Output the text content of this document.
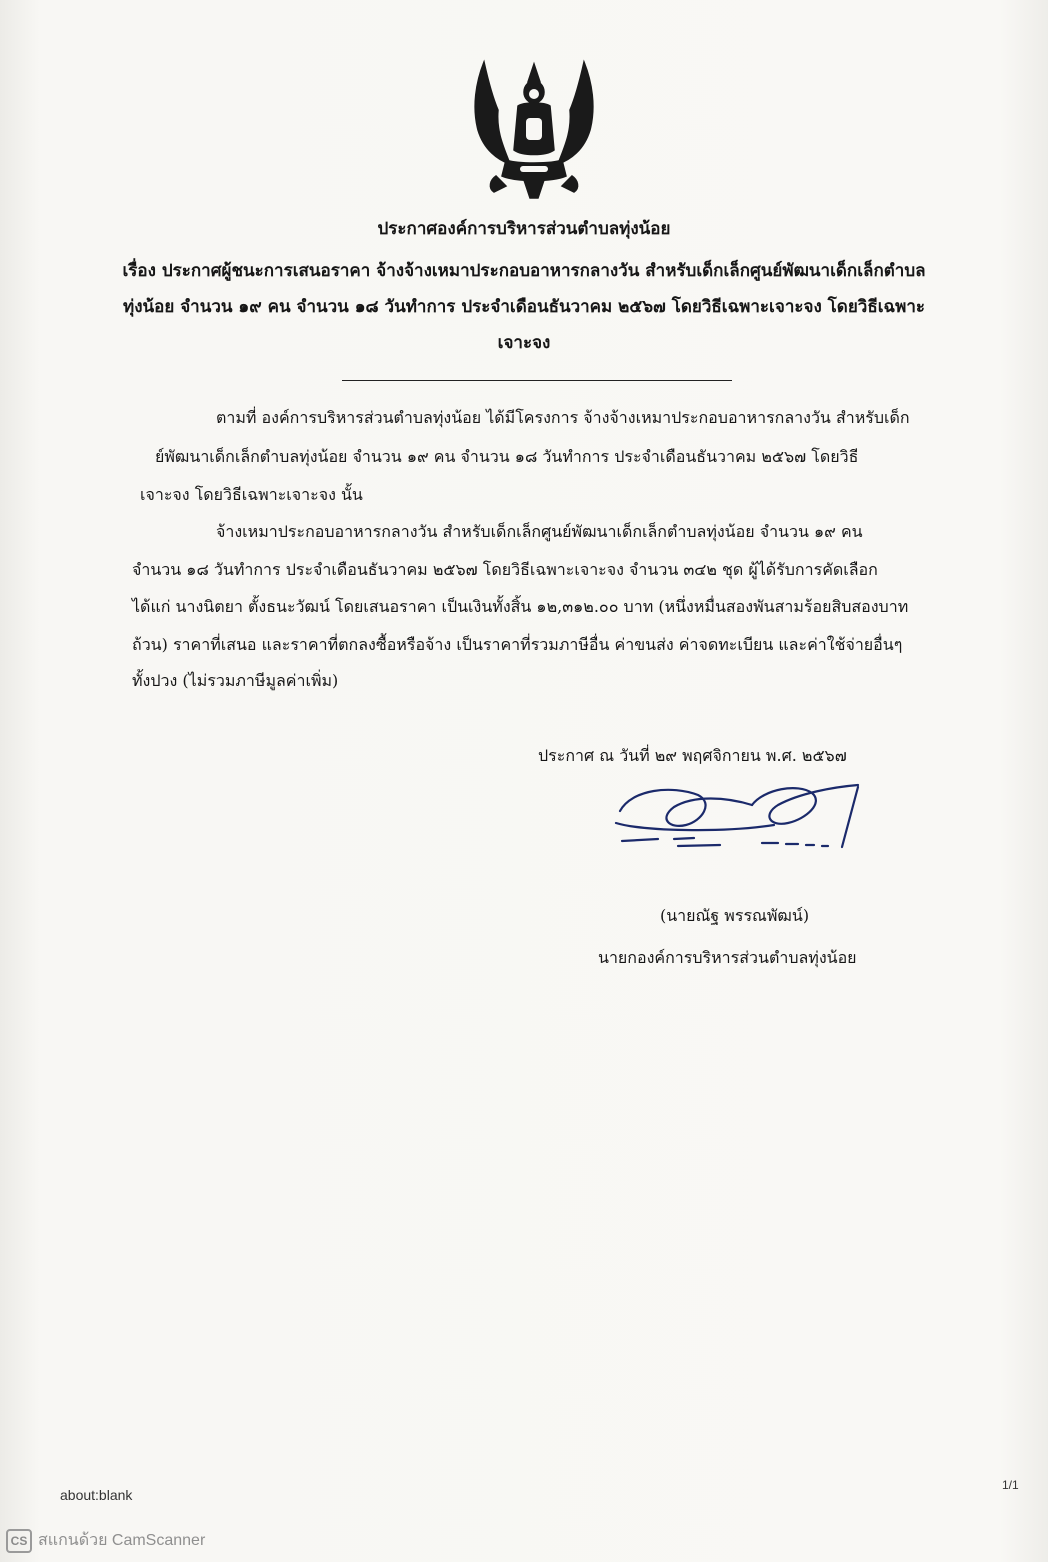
ประกาศองค์การบริหารส่วนตำบลทุ่งน้อย
เรื่อง ประกาศผู้ชนะการเสนอราคา จ้างจ้างเหมาประกอบอาหารกลางวัน สำหรับเด็กเล็กศูนย์พัฒนาเด็กเล็กตำบล
ทุ่งน้อย จำนวน ๑๙ คน จำนวน ๑๘ วันทำการ ประจำเดือนธันวาคม ๒๕๖๗ โดยวิธีเฉพาะเจาะจง โดยวิธีเฉพาะ
เจาะจง
ตามที่ องค์การบริหารส่วนตำบลทุ่งน้อย ได้มีโครงการ จ้างจ้างเหมาประกอบอาหารกลางวัน สำหรับเด็ก
ย์พัฒนาเด็กเล็กตำบลทุ่งน้อย จำนวน ๑๙ คน จำนวน ๑๘ วันทำการ ประจำเดือนธันวาคม ๒๕๖๗ โดยวิธี
เจาะจง โดยวิธีเฉพาะเจาะจง นั้น
จ้างเหมาประกอบอาหารกลางวัน สำหรับเด็กเล็กศูนย์พัฒนาเด็กเล็กตำบลทุ่งน้อย จำนวน ๑๙ คน
จำนวน ๑๘ วันทำการ ประจำเดือนธันวาคม ๒๕๖๗ โดยวิธีเฉพาะเจาะจง จำนวน ๓๔๒ ชุด ผู้ได้รับการคัดเลือก
ได้แก่ นางนิตยา ตั้งธนะวัฒน์ โดยเสนอราคา เป็นเงินทั้งสิ้น ๑๒,๓๑๒.๐๐ บาท (หนึ่งหมื่นสองพันสามร้อยสิบสองบาท
ถ้วน) ราคาที่เสนอ และราคาที่ตกลงซื้อหรือจ้าง เป็นราคาที่รวมภาษีอื่น ค่าขนส่ง ค่าจดทะเบียน และค่าใช้จ่ายอื่นๆ
ทั้งปวง (ไม่รวมภาษีมูลค่าเพิ่ม)
ประกาศ ณ วันที่ ๒๙ พฤศจิกายน พ.ศ. ๒๕๖๗
(นายณัฐ พรรณพัฒน์)
นายกองค์การบริหารส่วนตำบลทุ่งน้อย
about:blank
1/1
CS สแกนด้วย CamScanner
